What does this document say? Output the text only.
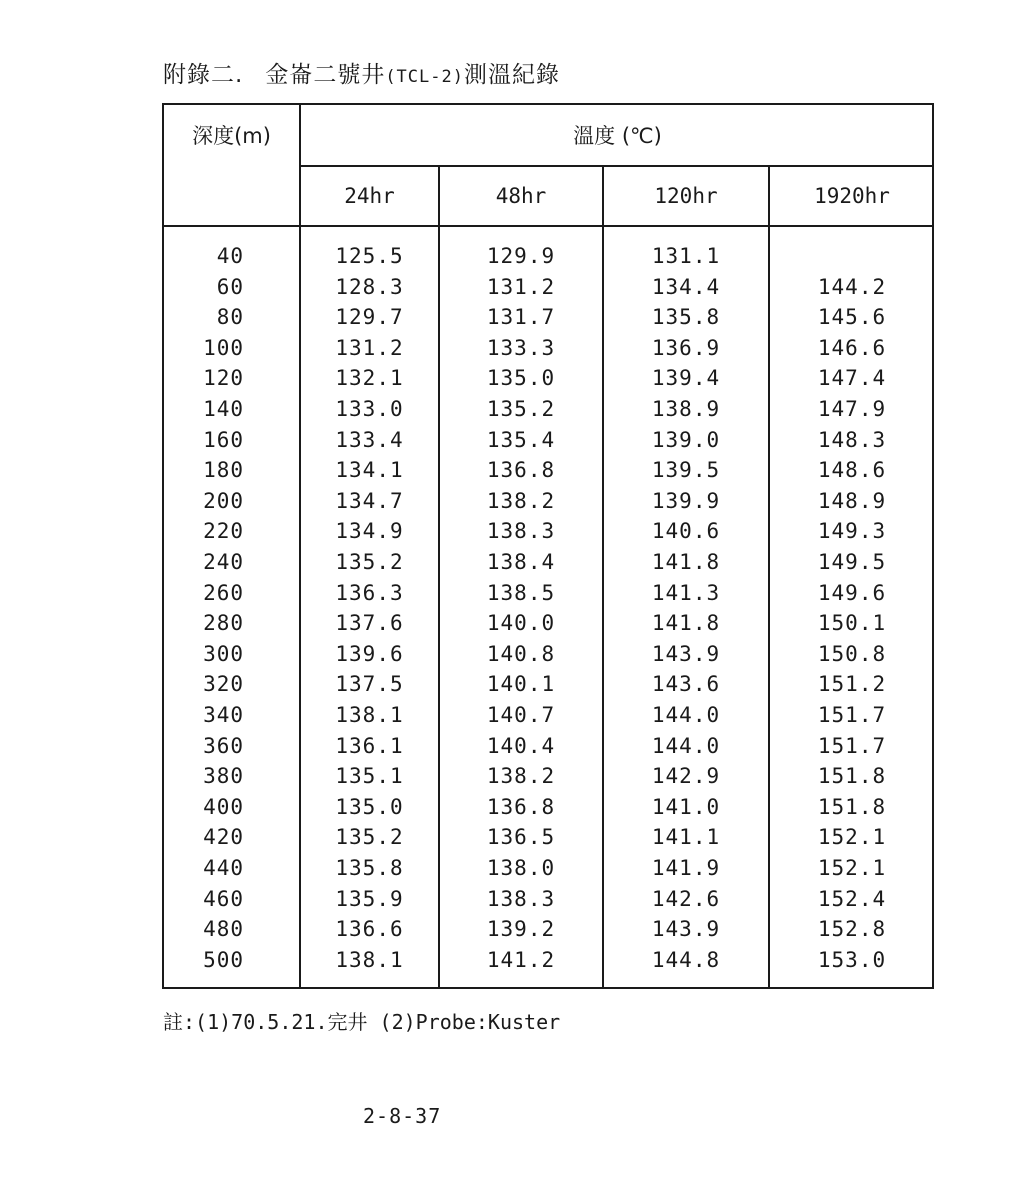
附錄二. 金崙二號井(TCL-2)測溫紀錄
深度(m)	溫度 (℃)
24hr	48hr	120hr	1920hr
40	125.5	129.9	131.1
60	128.3	131.2	134.4	144.2
80	129.7	131.7	135.8	145.6
100	131.2	133.3	136.9	146.6
120	132.1	135.0	139.4	147.4
140	133.0	135.2	138.9	147.9
160	133.4	135.4	139.0	148.3
180	134.1	136.8	139.5	148.6
200	134.7	138.2	139.9	148.9
220	134.9	138.3	140.6	149.3
240	135.2	138.4	141.8	149.5
260	136.3	138.5	141.3	149.6
280	137.6	140.0	141.8	150.1
300	139.6	140.8	143.9	150.8
320	137.5	140.1	143.6	151.2
340	138.1	140.7	144.0	151.7
360	136.1	140.4	144.0	151.7
380	135.1	138.2	142.9	151.8
400	135.0	136.8	141.0	151.8
420	135.2	136.5	141.1	152.1
440	135.8	138.0	141.9	152.1
460	135.9	138.3	142.6	152.4
480	136.6	139.2	143.9	152.8
500	138.1	141.2	144.8	153.0
註:(1)70.5.21.完井 (2)Probe:Kuster
2-8-37
